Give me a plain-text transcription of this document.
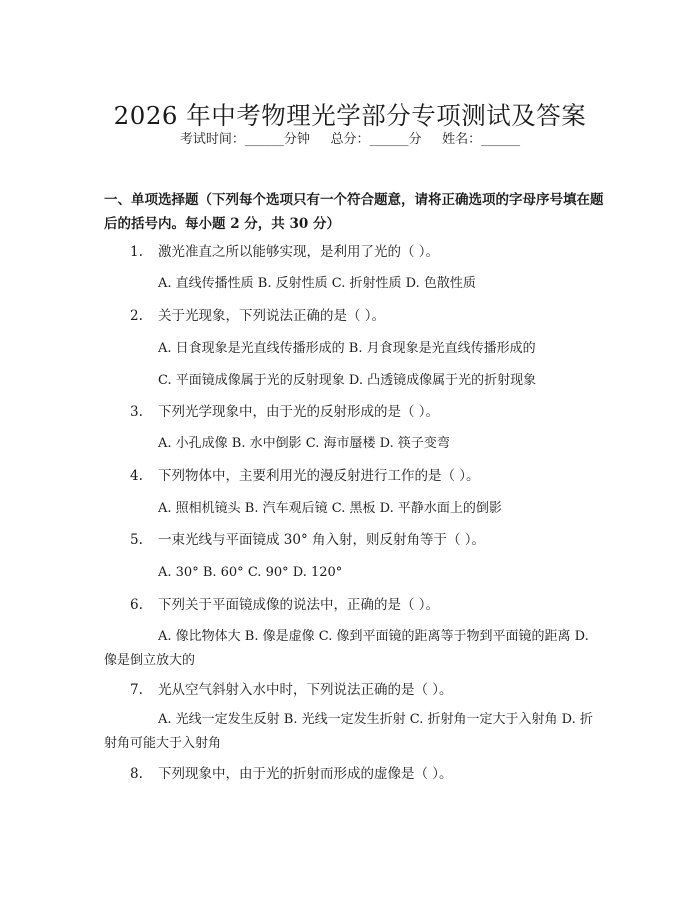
2026 年中考物理光学部分专项测试及答案
考试时间：______分钟     总分：______分     姓名：______
一、单项选择题（下列每个选项只有一个符合题意，请将正确选项的字母序号填在题后的括号内。每小题 2 分，共 30 分）
1. 激光准直之所以能够实现，是利用了光的（ ）。
A. 直线传播性质 B. 反射性质 C. 折射性质 D. 色散性质
2. 关于光现象，下列说法正确的是（ ）。
A. 日食现象是光直线传播形成的 B. 月食现象是光直线传播形成的
C. 平面镜成像属于光的反射现象 D. 凸透镜成像属于光的折射现象
3. 下列光学现象中，由于光的反射形成的是（ ）。
A. 小孔成像 B. 水中倒影 C. 海市蜃楼 D. 筷子变弯
4. 下列物体中，主要利用光的漫反射进行工作的是（ ）。
A. 照相机镜头 B. 汽车观后镜 C. 黑板 D. 平静水面上的倒影
5. 一束光线与平面镜成 30° 角入射，则反射角等于（ ）。
A. 30° B. 60° C. 90° D. 120°
6. 下列关于平面镜成像的说法中，正确的是（ ）。
A. 像比物体大 B. 像是虚像 C. 像到平面镜的距离等于物到平面镜的距离 D. 像是倒立放大的
7. 光从空气斜射入水中时，下列说法正确的是（ ）。
A. 光线一定发生反射 B. 光线一定发生折射 C. 折射角一定大于入射角 D. 折射角可能大于入射角
8. 下列现象中，由于光的折射而形成的虚像是（ ）。
